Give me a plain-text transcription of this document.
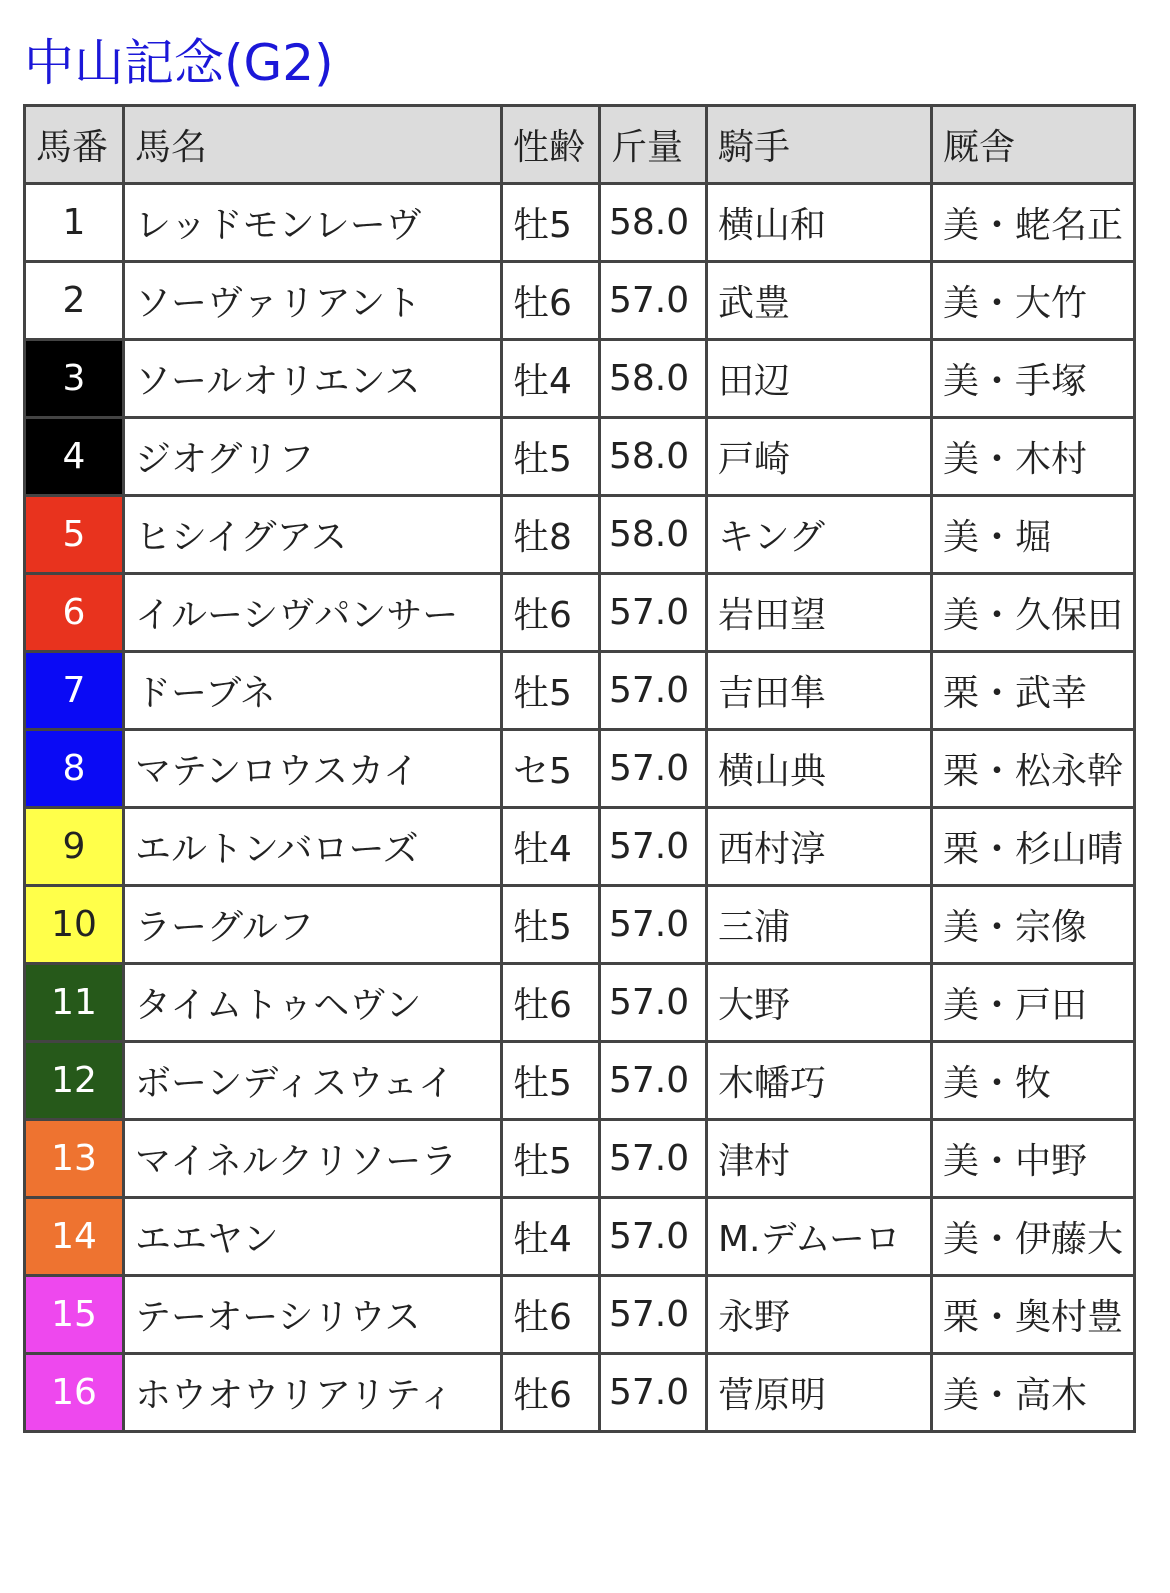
中山記念(G2)
馬番	馬名	性齢	斤量	騎手	厩舎
1	レッドモンレーヴ	牡5	58.0	横山和	美・蛯名正
2	ソーヴァリアント	牡6	57.0	武豊	美・大竹
3	ソールオリエンス	牡4	58.0	田辺	美・手塚
4	ジオグリフ	牡5	58.0	戸崎	美・木村
5	ヒシイグアス	牡8	58.0	キング	美・堀
6	イルーシヴパンサー	牡6	57.0	岩田望	美・久保田
7	ドーブネ	牡5	57.0	吉田隼	栗・武幸
8	マテンロウスカイ	セ5	57.0	横山典	栗・松永幹
9	エルトンバローズ	牡4	57.0	西村淳	栗・杉山晴
10	ラーグルフ	牡5	57.0	三浦	美・宗像
11	タイムトゥヘヴン	牡6	57.0	大野	美・戸田
12	ボーンディスウェイ	牡5	57.0	木幡巧	美・牧
13	マイネルクリソーラ	牡5	57.0	津村	美・中野
14	エエヤン	牡4	57.0	M.デムーロ	美・伊藤大
15	テーオーシリウス	牡6	57.0	永野	栗・奥村豊
16	ホウオウリアリティ	牡6	57.0	菅原明	美・高木
